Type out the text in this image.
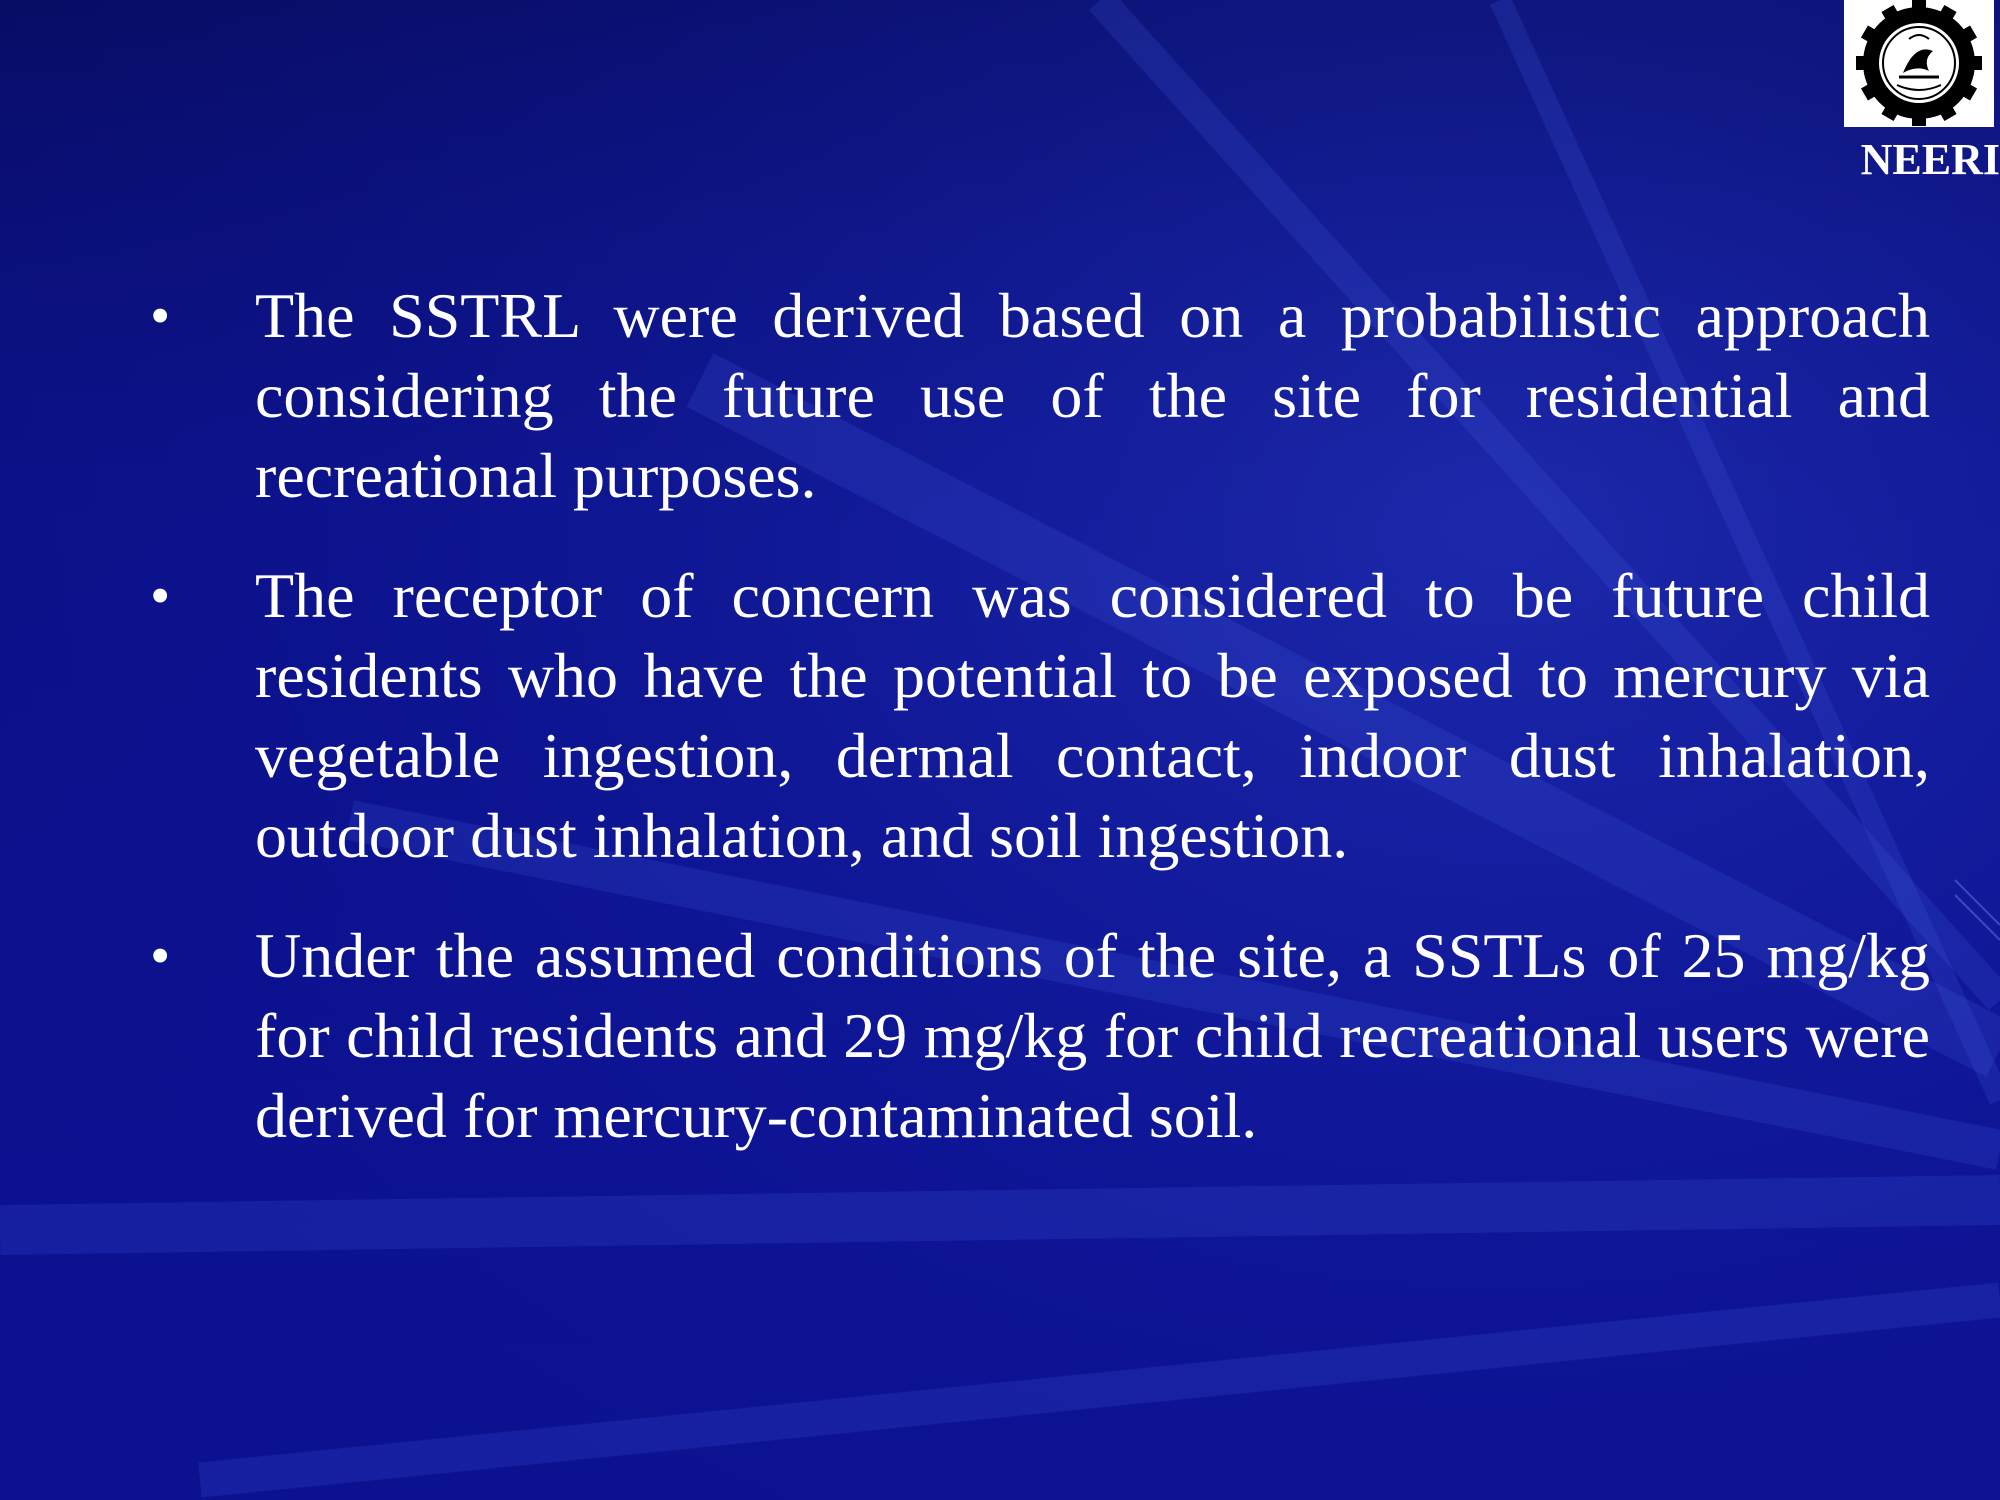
NEERI
• The SSTRL were derived based on a probabilistic approach considering the future use of the site for residential and recreational purposes.
• The receptor of concern was considered to be future child residents who have the potential to be exposed to mercury via vegetable ingestion, dermal contact, indoor dust inhalation, outdoor dust inhalation, and soil ingestion.
• Under the assumed conditions of the site, a SSTLs of 25 mg/kg for child residents and 29 mg/kg for child recreational users were derived for mercury-contaminated soil.
